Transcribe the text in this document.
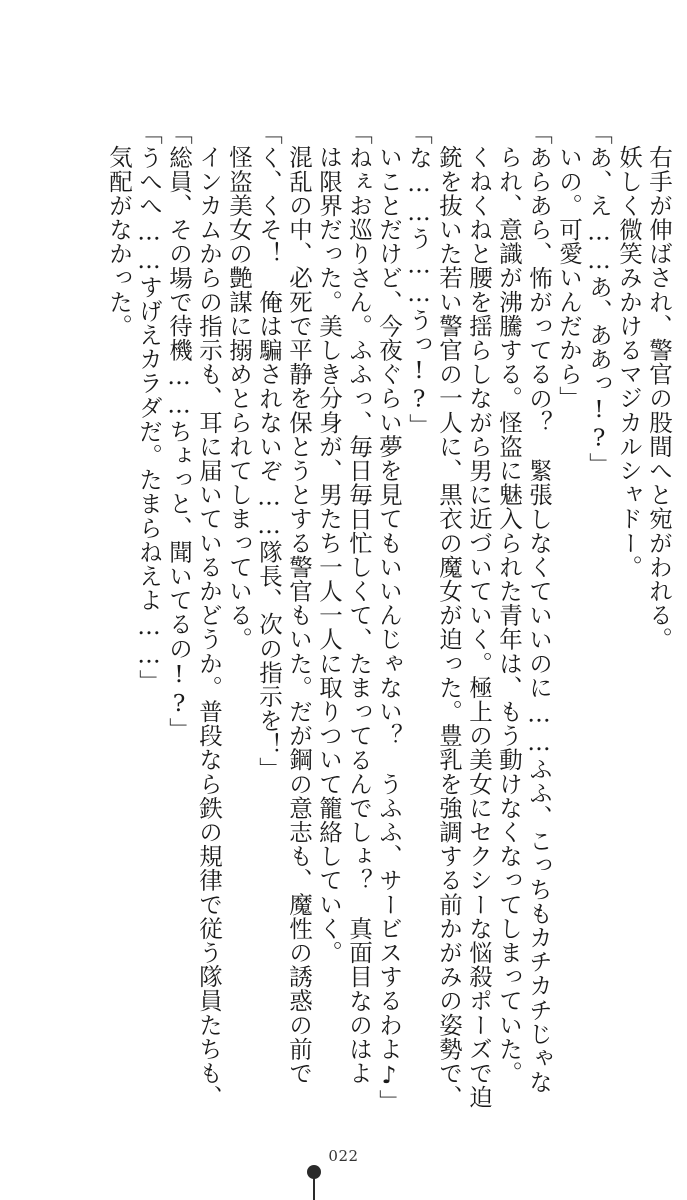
右手が伸ばされ、警官の股間へと宛がわれる。
妖しく微笑みかけるマジカルシャドー。
「あ、え……あ、ああっ!?」
いの。可愛いんだから」
「あらあら、怖がってるの？　緊張しなくていいのに……ふふ、こっちもカチカチじゃな
られ、意識が沸騰する。怪盗に魅入られた青年は、もう動けなくなってしまっていた。
くねくねと腰を揺らしながら男に近づいていく。極上の美女にセクシーな悩殺ポーズで迫
銃を抜いた若い警官の一人に、黒衣の魔女が迫った。豊乳を強調する前かがみの姿勢で、
「な……う……うっ!?」
いことだけど、今夜ぐらい夢を見てもいいんじゃない？　うふふ、サービスするわよ♪」
「ねぇお巡りさん。ふふっ、毎日毎日忙しくて、たまってるんでしょ？　真面目なのはよ
は限界だった。美しき分身が、男たち一人一人に取りついて籠絡していく。
混乱の中、必死で平静を保とうとする警官もいた。だが鋼の意志も、魔性の誘惑の前で
「く、くそ！　俺は騙されないぞ……隊長、次の指示を！」
怪盗美女の艶謀に搦めとられてしまっている。
インカムからの指示も、耳に届いているかどうか。普段なら鉄の規律で従う隊員たちも、
「総員、その場で待機……ちょっと、聞いてるの!?」
「うへへ……すげえカラダだ。たまらねえよ……」
気配がなかった。
022
